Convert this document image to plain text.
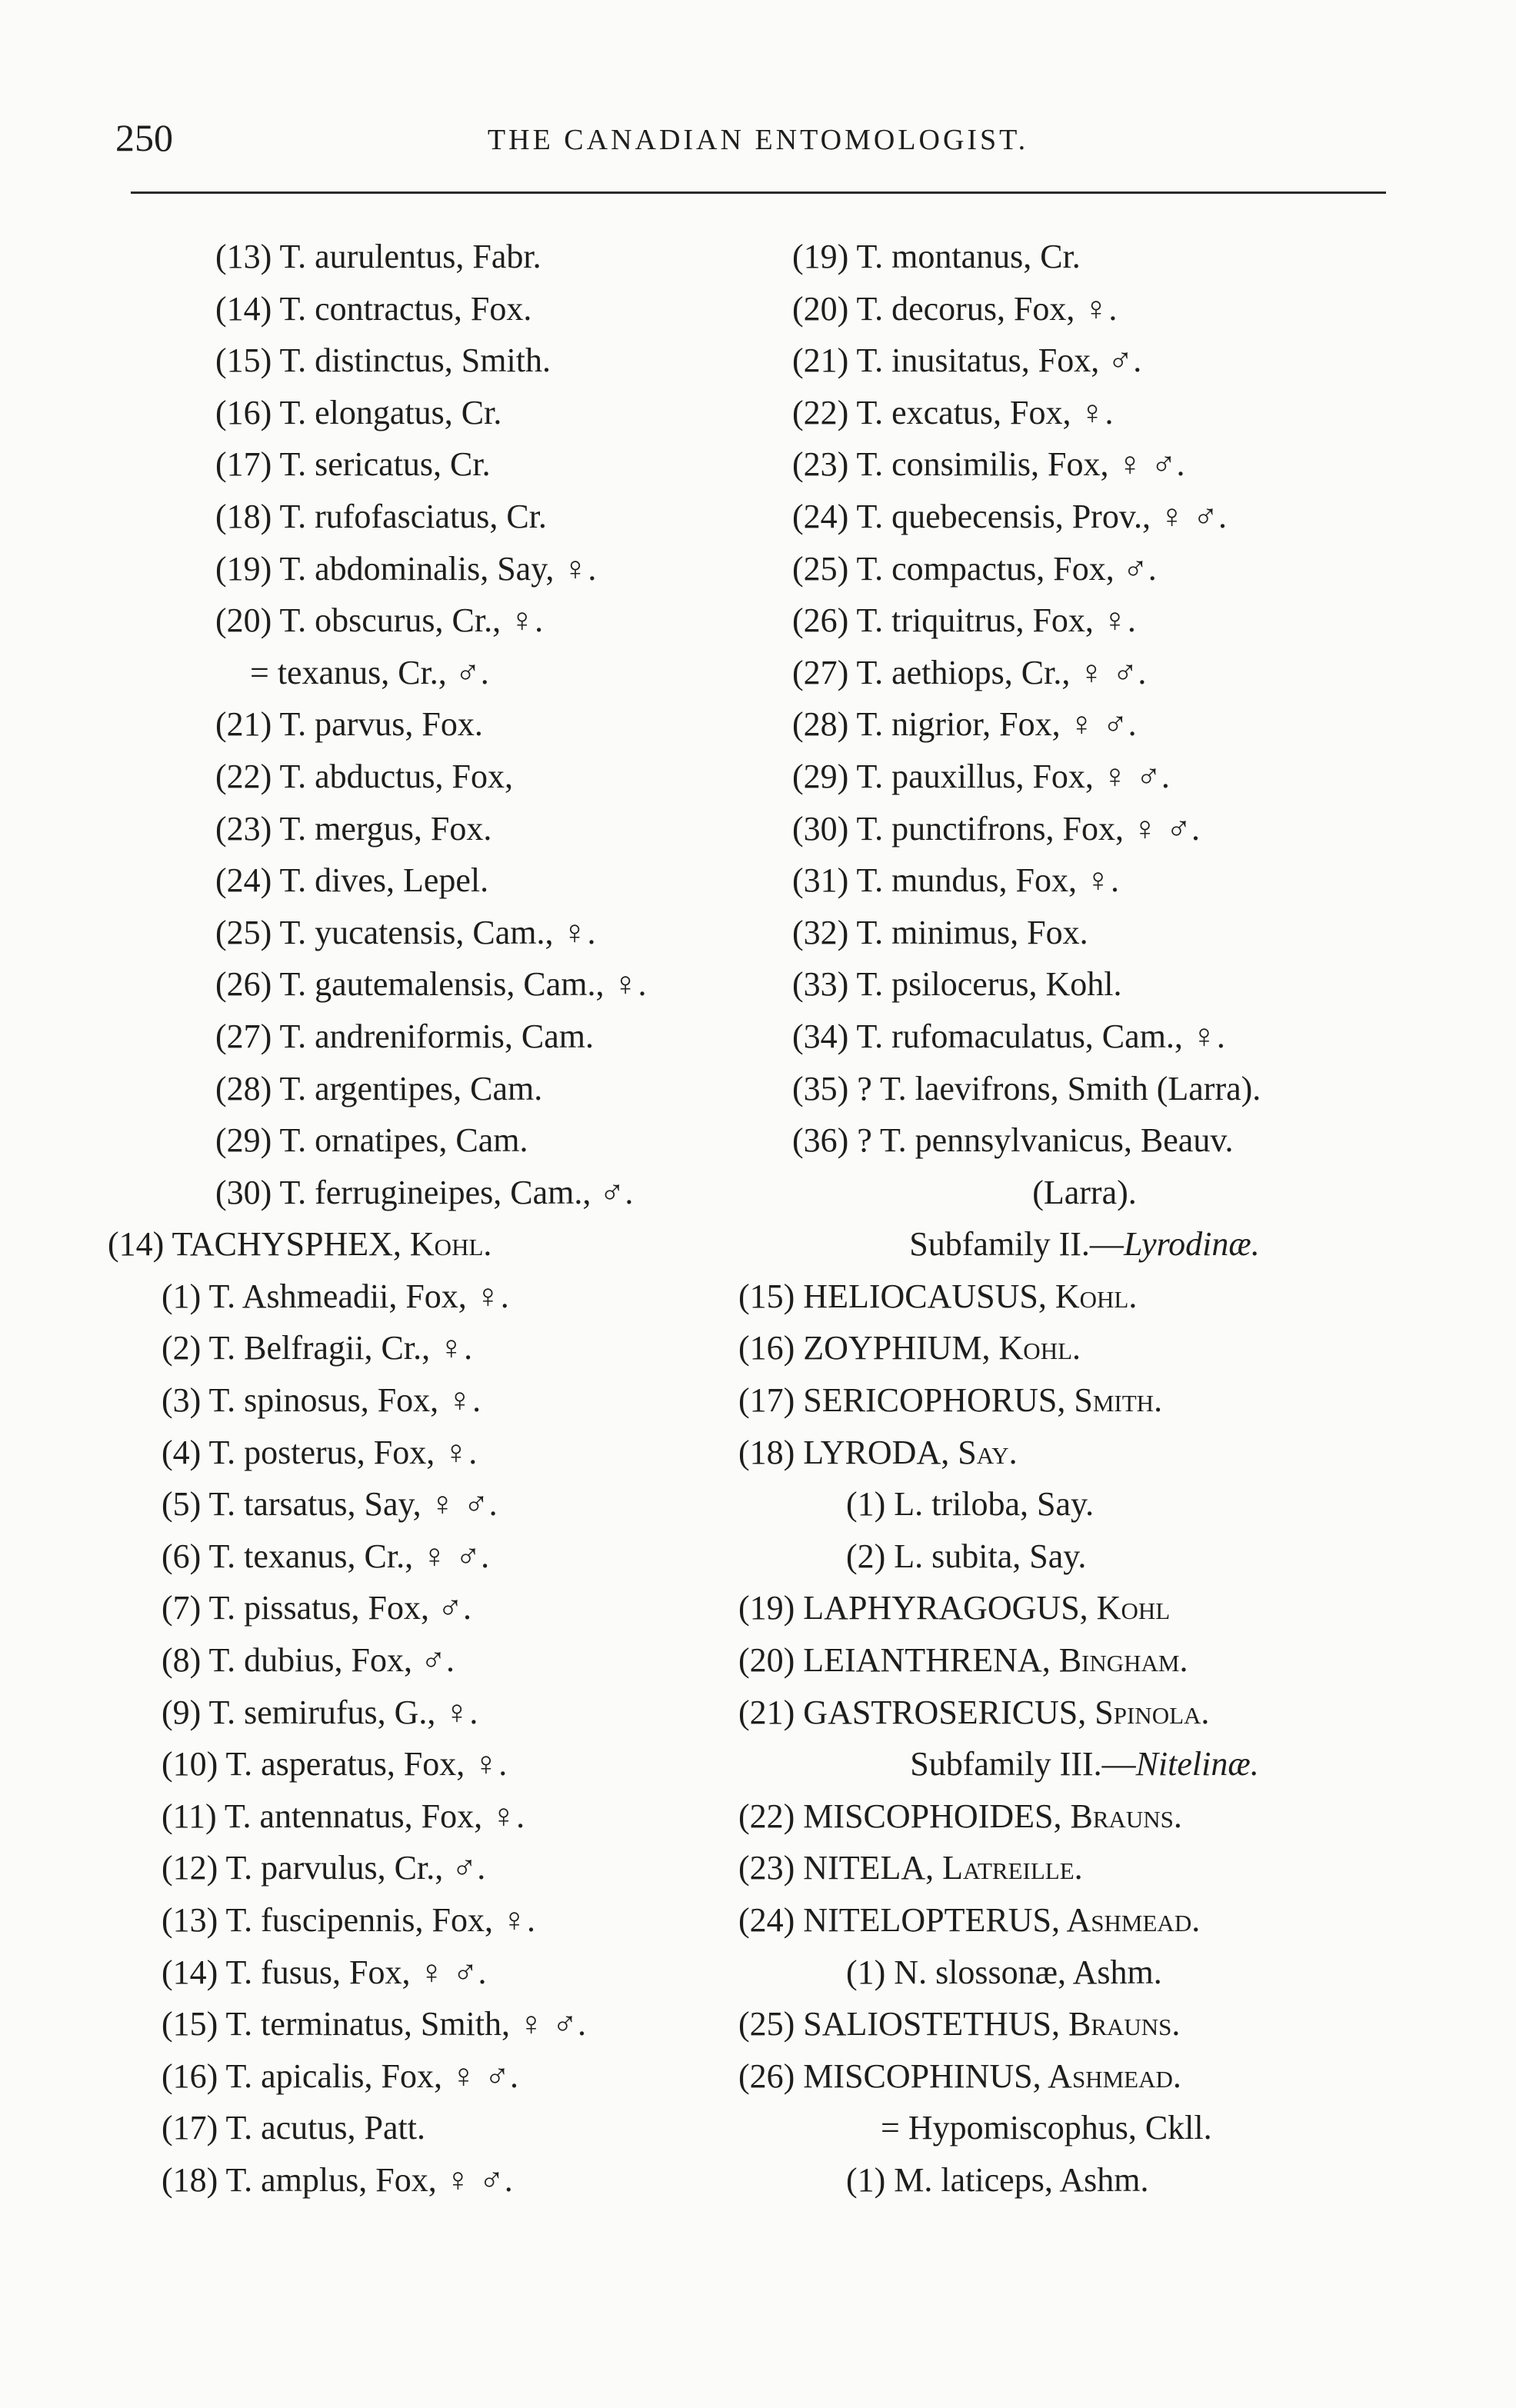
250	THE CANADIAN ENTOMOLOGIST.
(13) T. aurulentus, Fabr.
(14) T. contractus, Fox.
(15) T. distinctus, Smith.
(16) T. elongatus, Cr.
(17) T. sericatus, Cr.
(18) T. rufofasciatus, Cr.
(19) T. abdominalis, Say, ♀.
(20) T. obscurus, Cr., ♀.
= texanus, Cr., ♂.
(21) T. parvus, Fox.
(22) T. abductus, Fox,
(23) T. mergus, Fox.
(24) T. dives, Lepel.
(25) T. yucatensis, Cam., ♀.
(26) T. gautemalensis, Cam., ♀.
(27) T. andreniformis, Cam.
(28) T. argentipes, Cam.
(29) T. ornatipes, Cam.
(30) T. ferrugineipes, Cam., ♂.
(14) TACHYSPHEX, Kohl.
(1) T. Ashmeadii, Fox, ♀.
(2) T. Belfragii, Cr., ♀.
(3) T. spinosus, Fox, ♀.
(4) T. posterus, Fox, ♀.
(5) T. tarsatus, Say, ♀ ♂.
(6) T. texanus, Cr., ♀ ♂.
(7) T. pissatus, Fox, ♂.
(8) T. dubius, Fox, ♂.
(9) T. semirufus, G., ♀.
(10) T. asperatus, Fox, ♀.
(11) T. antennatus, Fox, ♀.
(12) T. parvulus, Cr., ♂.
(13) T. fuscipennis, Fox, ♀.
(14) T. fusus, Fox, ♀ ♂.
(15) T. terminatus, Smith, ♀ ♂.
(16) T. apicalis, Fox, ♀ ♂.
(17) T. acutus, Patt.
(18) T. amplus, Fox, ♀ ♂.
(19) T. montanus, Cr.
(20) T. decorus, Fox, ♀.
(21) T. inusitatus, Fox, ♂.
(22) T. excatus, Fox, ♀.
(23) T. consimilis, Fox, ♀ ♂.
(24) T. quebecensis, Prov., ♀ ♂.
(25) T. compactus, Fox, ♂.
(26) T. triquitrus, Fox, ♀.
(27) T. aethiops, Cr., ♀ ♂.
(28) T. nigrior, Fox, ♀ ♂.
(29) T. pauxillus, Fox, ♀ ♂.
(30) T. punctifrons, Fox, ♀ ♂.
(31) T. mundus, Fox, ♀.
(32) T. minimus, Fox.
(33) T. psilocerus, Kohl.
(34) T. rufomaculatus, Cam., ♀.
(35) ? T. laevifrons, Smith (Larra).
(36) ? T. pennsylvanicus, Beauv.
(Larra).
Subfamily II.—Lyrodinæ.
(15) HELIOCAUSUS, Kohl.
(16) ZOYPHIUM, Kohl.
(17) SERICOPHORUS, Smith.
(18) LYRODA, Say.
(1) L. triloba, Say.
(2) L. subita, Say.
(19) LAPHYRAGOGUS, Kohl
(20) LEIANTHRENA, Bingham.
(21) GASTROSERICUS, Spinola.
Subfamily III.—Nitelinæ.
(22) MISCOPHOIDES, Brauns.
(23) NITELA, Latreille.
(24) NITELOPTERUS, Ashmead.
(1) N. slossonæ, Ashm.
(25) SALIOSTETHUS, Brauns.
(26) MISCOPHINUS, Ashmead.
= Hypomiscophus, Ckll.
(1) M. laticeps, Ashm.
